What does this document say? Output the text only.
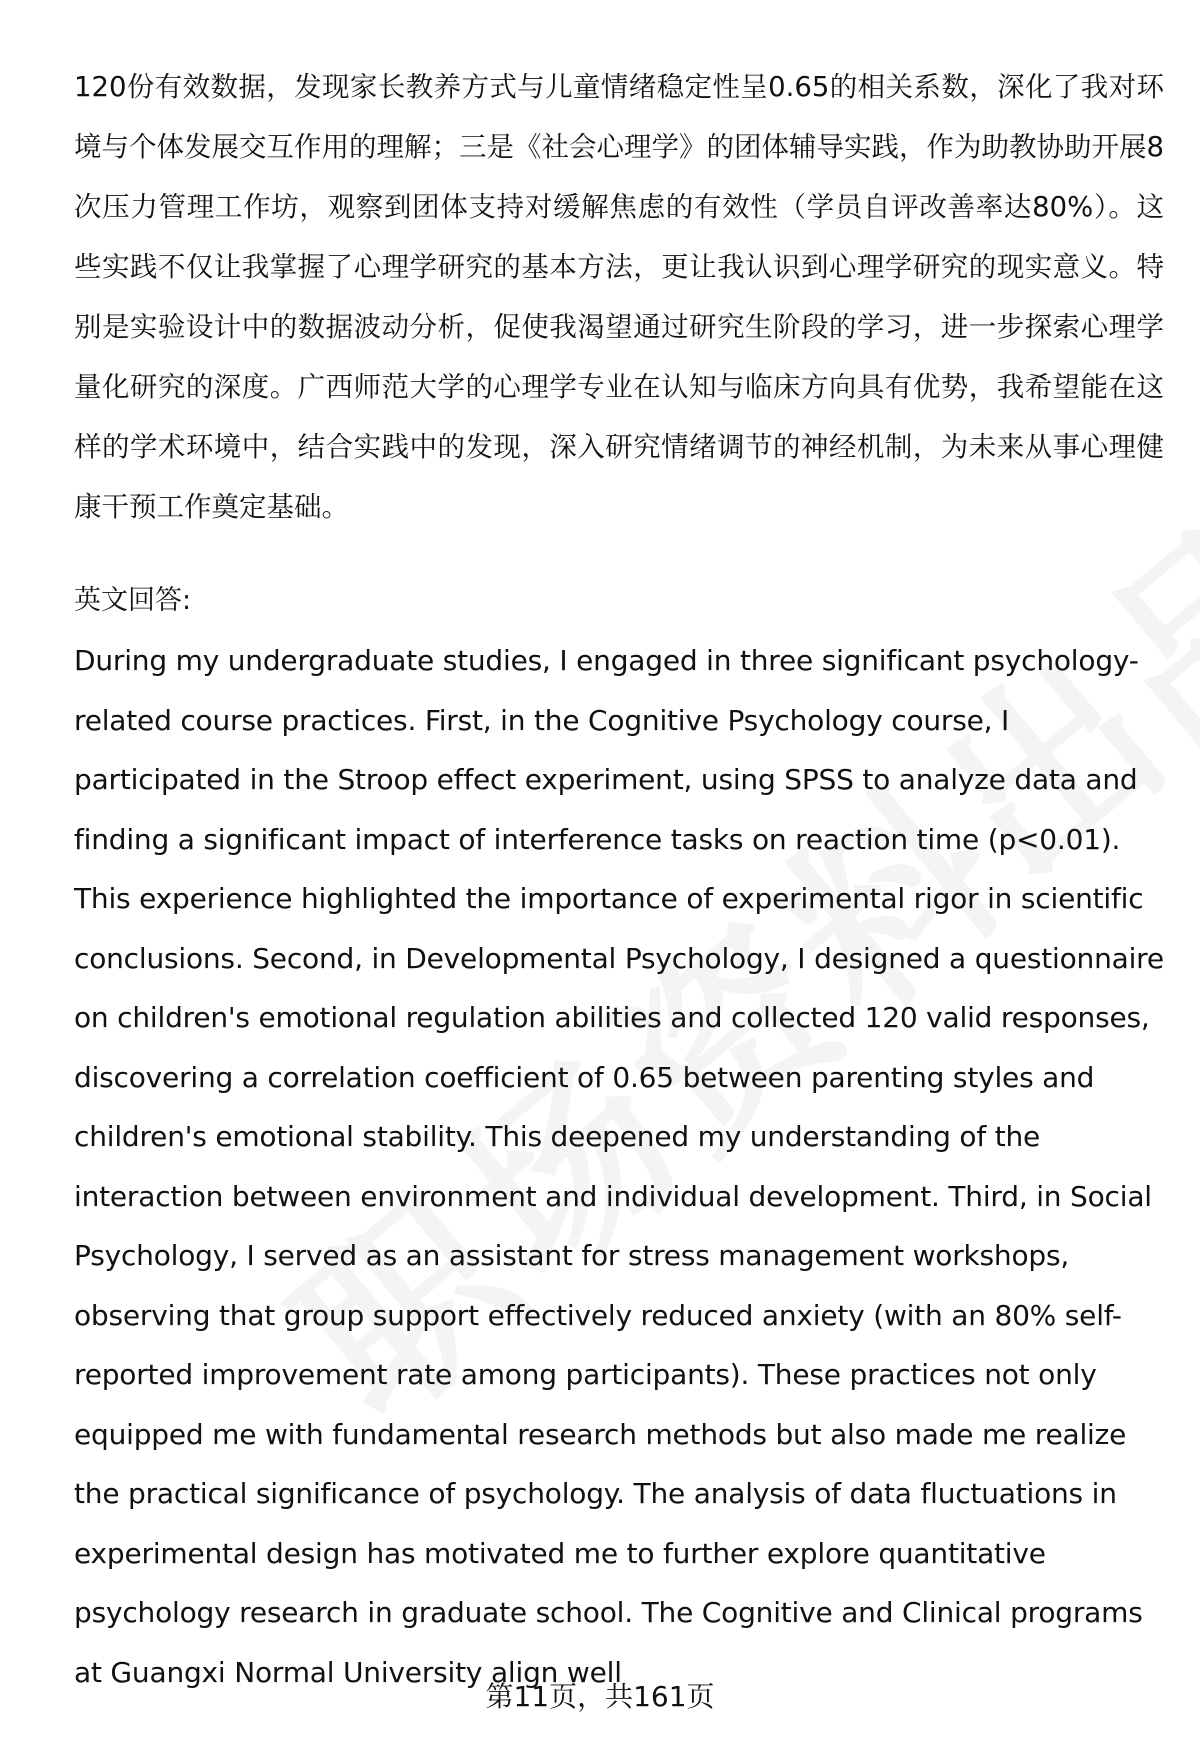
120份有效数据，发现家长教养方式与儿童情绪稳定性呈0.65的相关系数，深化了我对环境与个体发展交互作用的理解；三是《社会心理学》的团体辅导实践，作为助教协助开展8次压力管理工作坊，观察到团体支持对缓解焦虑的有效性（学员自评改善率达80%）。这些实践不仅让我掌握了心理学研究的基本方法，更让我认识到心理学研究的现实意义。特别是实验设计中的数据波动分析，促使我渴望通过研究生阶段的学习，进一步探索心理学量化研究的深度。广西师范大学的心理学专业在认知与临床方向具有优势，我希望能在这样的学术环境中，结合实践中的发现，深入研究情绪调节的神经机制，为未来从事心理健康干预工作奠定基础。

英文回答:

During my undergraduate studies, I engaged in three significant psychology-related course practices. First, in the Cognitive Psychology course, I participated in the Stroop effect experiment, using SPSS to analyze data and finding a significant impact of interference tasks on reaction time (p<0.01). This experience highlighted the importance of experimental rigor in scientific conclusions. Second, in Developmental Psychology, I designed a questionnaire on children's emotional regulation abilities and collected 120 valid responses, discovering a correlation coefficient of 0.65 between parenting styles and children's emotional stability. This deepened my understanding of the interaction between environment and individual development. Third, in Social Psychology, I served as an assistant for stress management workshops, observing that group support effectively reduced anxiety (with an 80% self-reported improvement rate among participants). These practices not only equipped me with fundamental research methods but also made me realize the practical significance of psychology. The analysis of data fluctuations in experimental design has motivated me to further explore quantitative psychology research in graduate school. The Cognitive and Clinical programs at Guangxi Normal University align well

第11页，共161页
